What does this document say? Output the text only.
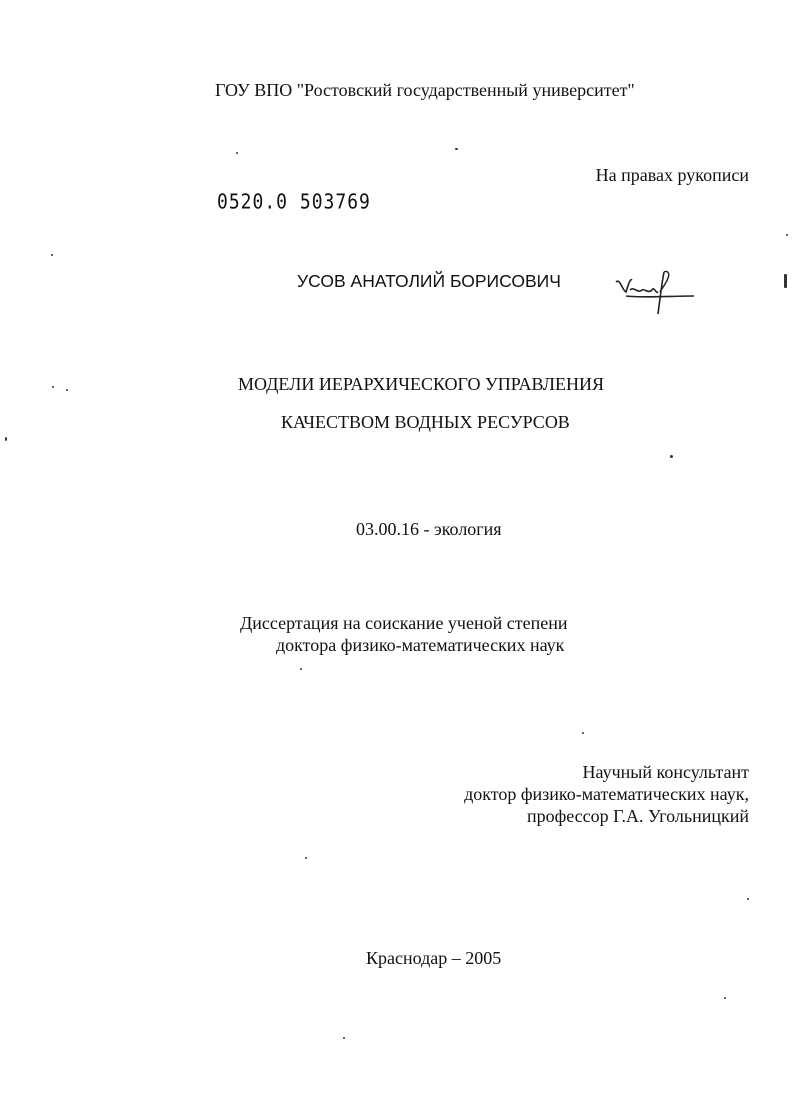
ГОУ ВПО "Ростовский государственный университет"
На правах рукописи
0520.0 503769
УСОВ АНАТОЛИЙ БОРИСОВИЧ
МОДЕЛИ ИЕРАРХИЧЕСКОГО УПРАВЛЕНИЯ
КАЧЕСТВОМ ВОДНЫХ РЕСУРСОВ
03.00.16 - экология
Диссертация на соискание ученой степени
доктора физико-математических наук
Научный консультант
доктор физико-математических наук,
профессор Г.А. Угольницкий
Краснодар – 2005
